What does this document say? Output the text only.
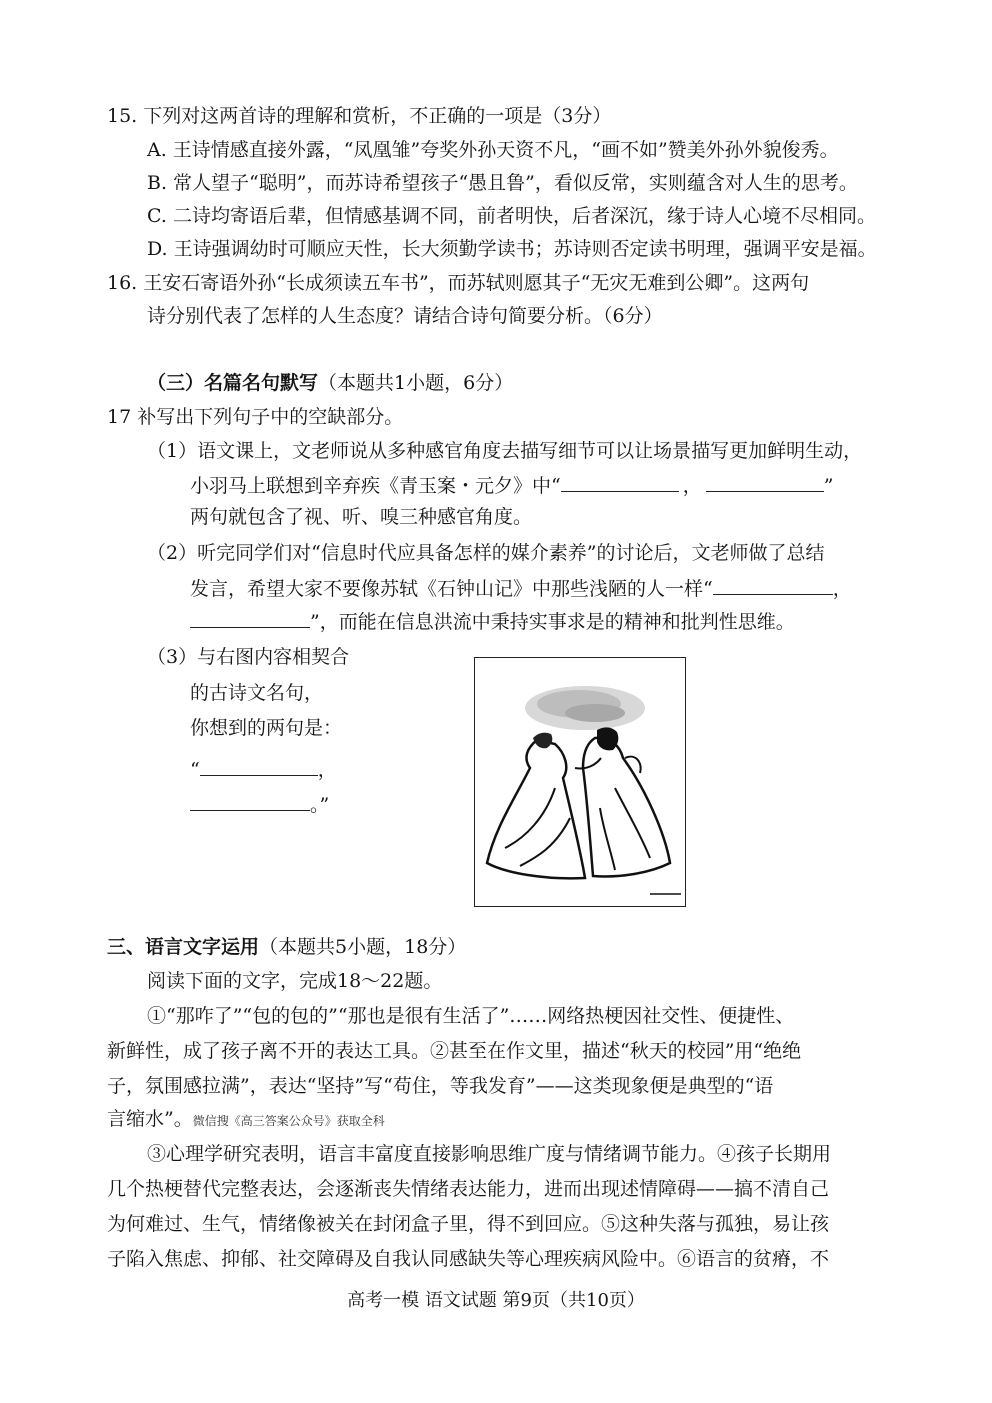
15. 下列对这两首诗的理解和赏析，不正确的一项是（3分）
A. 王诗情感直接外露，“凤凰雏”夸奖外孙天资不凡，“画不如”赞美外孙外貌俊秀。
B. 常人望子“聪明”，而苏诗希望孩子“愚且鲁”，看似反常，实则蕴含对人生的思考。
C. 二诗均寄语后辈，但情感基调不同，前者明快，后者深沉，缘于诗人心境不尽相同。
D. 王诗强调幼时可顺应天性，长大须勤学读书；苏诗则否定读书明理，强调平安是福。
16. 王安石寄语外孙“长成须读五车书”，而苏轼则愿其子“无灾无难到公卿”。这两句
诗分别代表了怎样的人生态度？请结合诗句简要分析。（6分）
（三）名篇名句默写（本题共1小题，6分）
17 补写出下列句子中的空缺部分。
（1）语文课上，文老师说从多种感官角度去描写细节可以让场景描写更加鲜明生动，
小羽马上联想到辛弃疾《青玉案・元夕》中“	，	”
两句就包含了视、听、嗅三种感官角度。
（2）听完同学们对“信息时代应具备怎样的媒介素养”的讨论后，文老师做了总结
发言，希望大家不要像苏轼《石钟山记》中那些浅陋的人一样“	，
”，而能在信息洪流中秉持实事求是的精神和批判性思维。
（3）与右图内容相契合
的古诗文名句，
你想到的两句是：
“	，
。”
三、语言文字运用（本题共5小题，18分）
阅读下面的文字，完成18～22题。
①“那咋了”“包的包的”“那也是很有生活了”……网络热梗因社交性、便捷性、
新鲜性，成了孩子离不开的表达工具。②甚至在作文里，描述“秋天的校园”用“绝绝
子，氛围感拉满”，表达“坚持”写“苟住，等我发育”——这类现象便是典型的“语
言缩水”。微信搜《高三答案公众号》获取全科
③心理学研究表明，语言丰富度直接影响思维广度与情绪调节能力。④孩子长期用
几个热梗替代完整表达，会逐渐丧失情绪表达能力，进而出现述情障碍——搞不清自己
为何难过、生气，情绪像被关在封闭盒子里，得不到回应。⑤这种失落与孤独，易让孩
子陷入焦虑、抑郁、社交障碍及自我认同感缺失等心理疾病风险中。⑥语言的贫瘠，不
高考一模 语文试题 第9页（共10页）
